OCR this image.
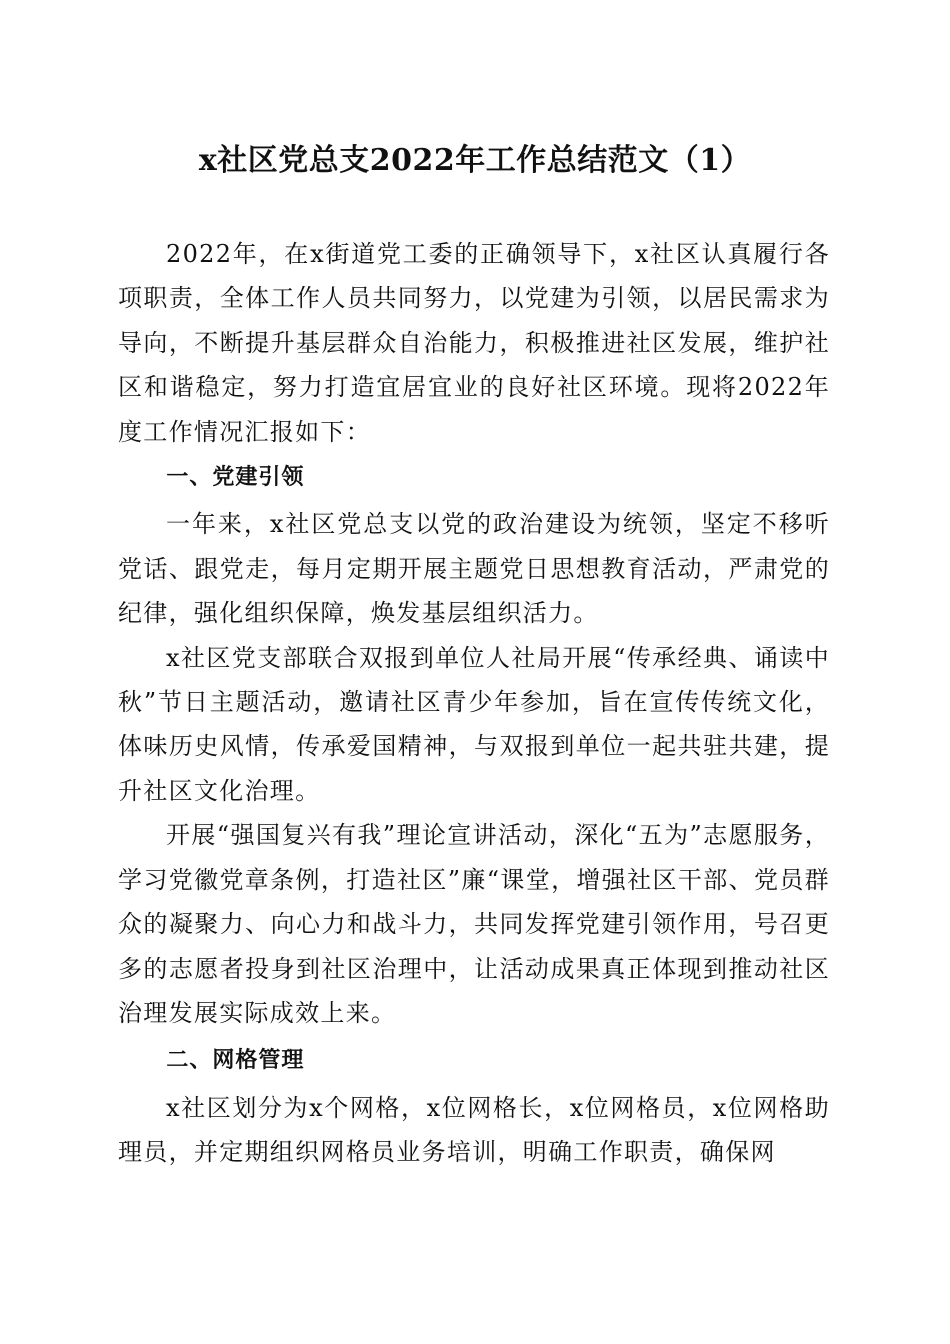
x社区党总支2022年工作总结范文（1）

2022年，在x街道党工委的正确领导下，x社区认真履行各项职责，全体工作人员共同努力，以党建为引领，以居民需求为导向，不断提升基层群众自治能力，积极推进社区发展，维护社区和谐稳定，努力打造宜居宜业的良好社区环境。现将2022年度工作情况汇报如下：

一、党建引领

一年来，x社区党总支以党的政治建设为统领，坚定不移听党话、跟党走，每月定期开展主题党日思想教育活动，严肃党的纪律，强化组织保障，焕发基层组织活力。

x社区党支部联合双报到单位人社局开展“传承经典、诵读中秋”节日主题活动，邀请社区青少年参加，旨在宣传传统文化，体味历史风情，传承爱国精神，与双报到单位一起共驻共建，提升社区文化治理。

开展“强国复兴有我”理论宣讲活动，深化“五为”志愿服务，学习党徽党章条例，打造社区”廉“课堂，增强社区干部、党员群众的凝聚力、向心力和战斗力，共同发挥党建引领作用，号召更多的志愿者投身到社区治理中，让活动成果真正体现到推动社区治理发展实际成效上来。

二、网格管理

x社区划分为x个网格，x位网格长，x位网格员，x位网格助理员，并定期组织网格员业务培训，明确工作职责，确保网
